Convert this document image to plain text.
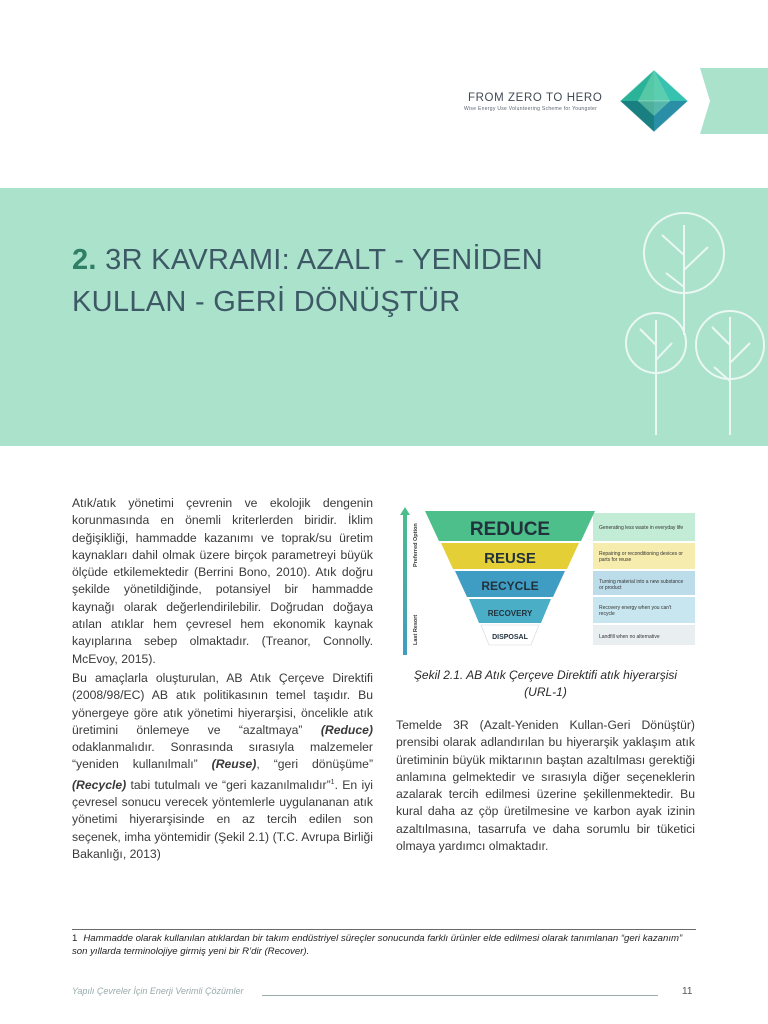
FROM ZERO TO HERO
Wise Energy Use Volunteering Scheme for Youngster
2. 3R KAVRAMI: AZALT - YENİDEN
KULLAN - GERİ DÖNÜŞTÜR

Atık/atık yönetimi çevrenin ve ekolojik dengenin korunmasında en önemli kriterlerden biridir. İklim değişikliği, hammadde kazanımı ve toprak/su üretim kaynakları dahil olmak üzere birçok parametreyi büyük ölçüde etkilemektedir (Berrini Bono, 2010). Atık doğru şekilde yönetildiğinde, potansiyel bir hammadde kaynağı olarak değerlendirilebilir. Doğrudan doğaya atılan atıklar hem çevresel hem ekonomik kaynak kayıplarına sebep olmaktadır. (Treanor, Connolly. McEvoy, 2015).

Bu amaçlarla oluşturulan, AB Atık Çerçeve Direktifi (2008/98/EC) AB atık politikasının temel taşıdır. Bu yönergeye göre atık yönetimi hiyerarşisi, öncelikle atık üretimini önlemeye ve “azaltmaya” (Reduce) odaklanmalıdır. Sonrasında sırasıyla malzemeler “yeniden kullanılmalı” (Reuse), “geri dönüşüme” (Recycle) tabi tutulmalı ve “geri kazanılmalıdır”$^1$. En iyi çevresel sonucu verecek yöntemlerle uygulananan atık yönetimi hiyerarşisinde en az tercih edilen son seçenek, imha yöntemidir (Şekil 2.1) (T.C. Avrupa Birliği Bakanlığı, 2013)

Preferred Option
Last Resort
REDUCE
REUSE
RECYCLE
RECOVERY
DISPOSAL
Generating less waste in everyday life
Repairing or reconditioning devices or
parts for reuse
Turning material into a new substance
or product
Recovery energy when you can't
recycle
Landfill when no alternative
Şekil 2.1. AB Atık Çerçeve Direktifi atık hiyerarşisi
(URL-1)

Temelde 3R (Azalt-Yeniden Kullan-Geri Dönüştür) prensibi olarak adlandırılan bu hiyerarşik yaklaşım atık üretiminin büyük miktarının baştan azaltılması gerektiği anlamına gelmektedir ve sırasıyla diğer seçeneklerin azalarak tercih edilmesi üzerine şekillenmektedir. Bu kural daha az çöp üretilmesine ve karbon ayak izinin azaltılmasına, tasarrufa ve daha sorumlu bir tüketici olmaya yardımcı olmaktadır.

1 Hammadde olarak kullanılan atıklardan bir takım endüstriyel süreçler sonucunda farklı ürünler elde edilmesi olarak tanımlanan “geri kazanım” son yıllarda terminolojiye girmiş yeni bir R’dir (Recover).
Yapılı Çevreler İçin Enerji Verimli Çözümler	11
